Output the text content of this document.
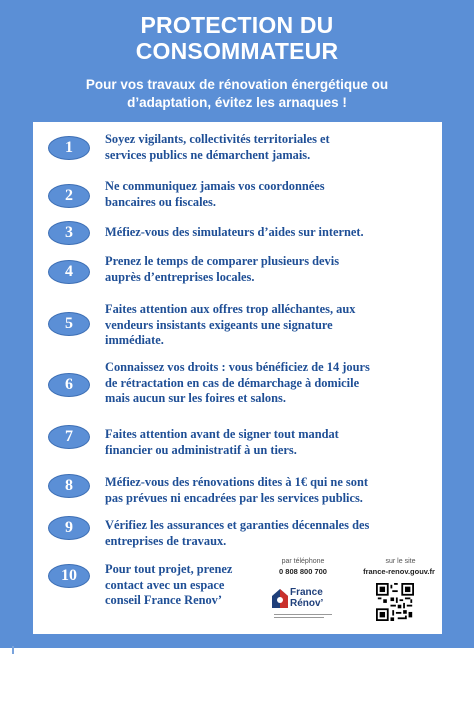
PROTECTION DU
CONSOMMATEUR
Pour vos travaux de rénovation énergétique ou
d’adaptation, évitez les arnaques !
1	Soyez vigilants, collectivités territoriales et
services publics ne démarchent jamais.
2
Ne communiquez jamais vos coordonnées
bancaires ou fiscales.
3	Méfiez-vous des simulateurs d’aides sur internet.
4
Prenez le temps de comparer plusieurs devis
auprès d’entreprises locales.
5
Faites attention aux offres trop alléchantes, aux
vendeurs insistants exigeants une signature
immédiate.
6
Connaissez vos droits : vous bénéficiez de 14 jours
de rétractation en cas de démarchage à domicile
mais aucun sur les foires et salons.
7	Faites attention avant de signer tout mandat
financier ou administratif à un tiers.
8	Méfiez-vous des rénovations dites à 1€ qui ne sont
pas prévues ni encadrées par les services publics.
9	Vérifiez les assurances et garanties décennales des
entreprises de travaux.
10	Pour tout projet, prenez
contact avec un espace
conseil France Renov’
par téléphone
0 808 800 700
sur le site
france-renov.gouv.fr
France
Rénov’
